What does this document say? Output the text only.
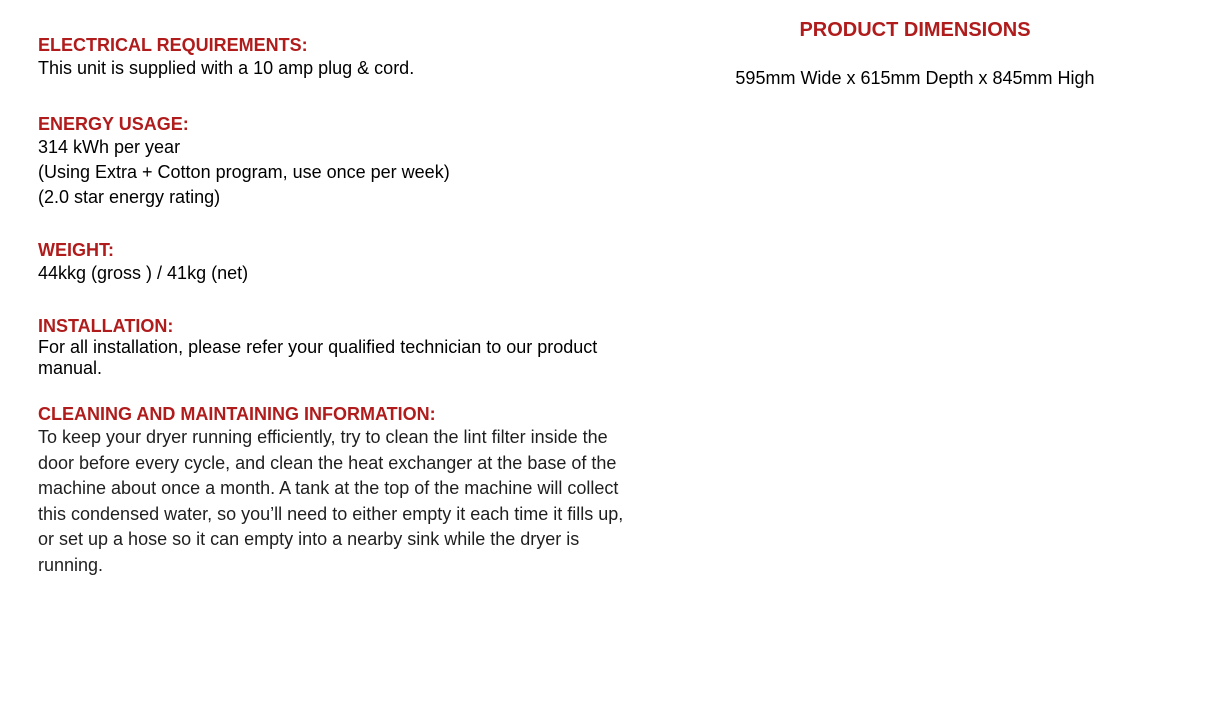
ELECTRICAL REQUIREMENTS:

This unit is supplied with a 10 amp plug & cord.

ENERGY USAGE:

314 kWh per year

(Using Extra + Cotton program, use once per week)

(2.0 star energy rating)

WEIGHT:

44kkg (gross ) / 41kg (net)

INSTALLATION:

For all installation, please refer your qualified technician to our product

manual.

CLEANING AND MAINTAINING INFORMATION:

To keep your dryer running efficiently, try to clean the lint filter inside the

door before every cycle, and clean the heat exchanger at the base of the

machine about once a month. A tank at the top of the machine will collect

this condensed water, so you’ll need to either empty it each time it fills up,

or set up a hose so it can empty into a nearby sink while the dryer is

running.

PRODUCT DIMENSIONS

595mm Wide x 615mm Depth x 845mm High
